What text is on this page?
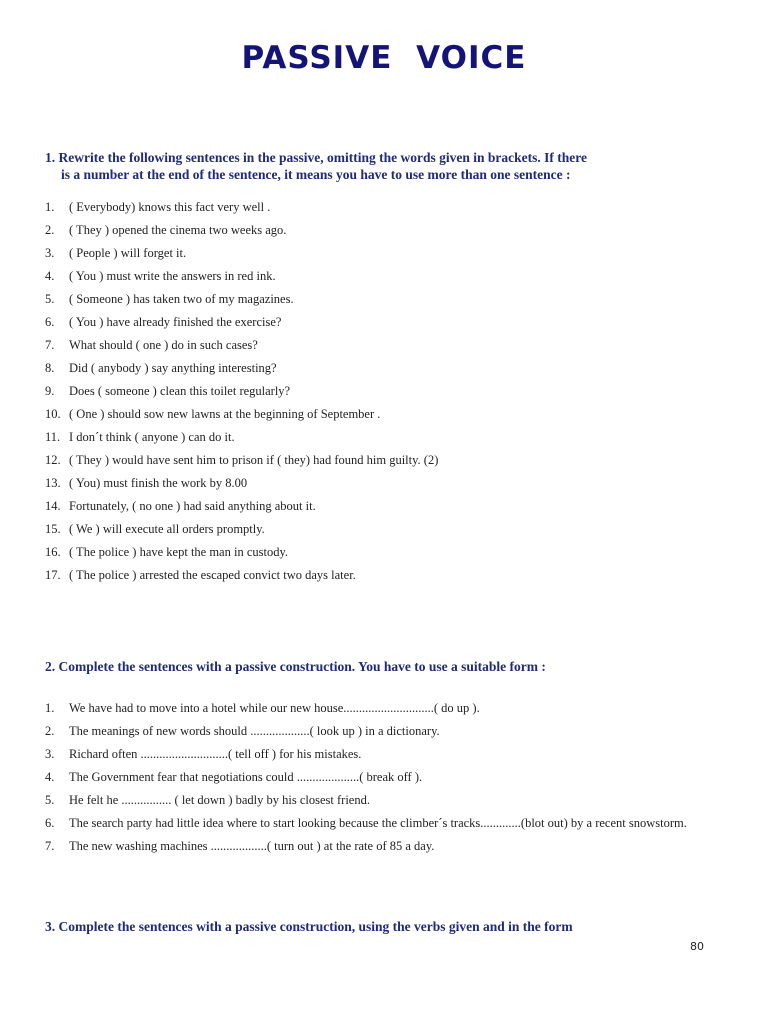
PASSIVE VOICE
1. Rewrite the following sentences in the passive, omitting the words given in brackets. If there
is a number at the end of the sentence, it means you have to use more than one sentence :
1. ( Everybody) knows this fact very well .
2. ( They ) opened the cinema two weeks ago.
3. ( People ) will forget it.
4. ( You ) must write the answers in red ink.
5. ( Someone ) has taken two of my magazines.
6. ( You ) have already finished the exercise?
7. What should ( one ) do in such cases?
8. Did ( anybody ) say anything interesting?
9. Does ( someone ) clean this toilet regularly?
10. ( One ) should sow new lawns at the beginning of September .
11. I don´t think ( anyone ) can do it.
12. ( They ) would have sent him to prison if ( they) had found him guilty. (2)
13. ( You) must finish the work by 8.00
14. Fortunately, ( no one ) had said anything about it.
15. ( We ) will execute all orders promptly.
16. ( The police ) have kept the man in custody.
17. ( The police ) arrested the escaped convict two days later.
2. Complete the sentences with a passive construction. You have to use a suitable form :
1. We have had to move into a hotel while our new house.............................( do up ).
2. The meanings of new words should ...................( look up ) in a dictionary.
3. Richard often ............................( tell off ) for his mistakes.
4. The Government fear that negotiations could ....................( break off ).
5. He felt he ................ ( let down ) badly by his closest friend.
6. The search party had little idea where to start looking because the climber´s tracks.............(blot out) by a recent snowstorm.
7. The new washing machines ..................( turn out ) at the rate of 85 a day.
3. Complete the sentences with a passive construction, using the verbs given and in the form
80
